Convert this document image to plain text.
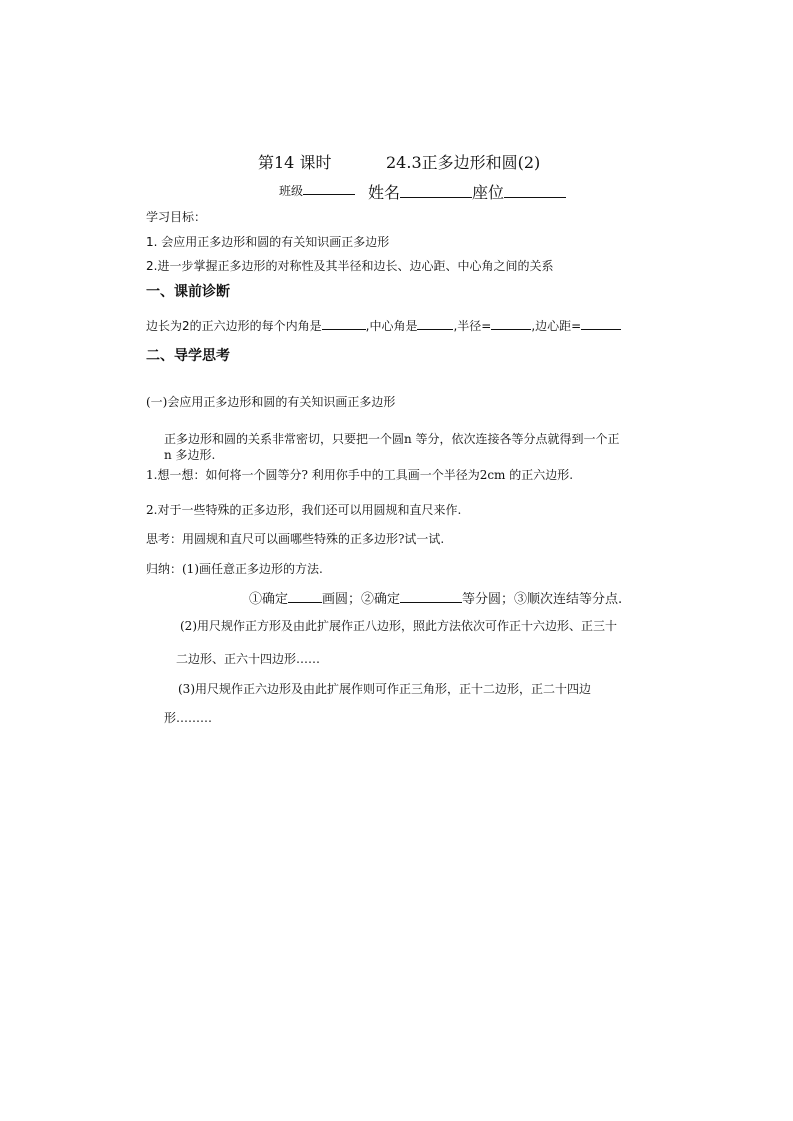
第14 课时	24.3正多边形和圆(2)
班级	姓名	座位
学习目标：
1. 会应用正多边形和圆的有关知识画正多边形
2.进一步掌握正多边形的对称性及其半径和边长、边心距、中心角之间的关系
一、课前诊断
边长为2的正六边形的每个内角是	,中心角是	,半径=	,边心距=
二、导学思考
(一)会应用正多边形和圆的有关知识画正多边形
正多边形和圆的关系非常密切，只要把一个圆n 等分，依次连接各等分点就得到一个正
n 多边形.
1.想一想：如何将一个圆等分? 利用你手中的工具画一个半径为2cm 的正六边形.
2.对于一些特殊的正多边形，我们还可以用圆规和直尺来作.
思考：用圆规和直尺可以画哪些特殊的正多边形?试一试.
归纳：(1)画任意正多边形的方法.
①确定	画圆；②确定	等分圆；③顺次连结等分点.
(2)用尺规作正方形及由此扩展作正八边形，照此方法依次可作正十六边形、正三十
二边形、正六十四边形……
(3)用尺规作正六边形及由此扩展作则可作正三角形，正十二边形，正二十四边
形………
